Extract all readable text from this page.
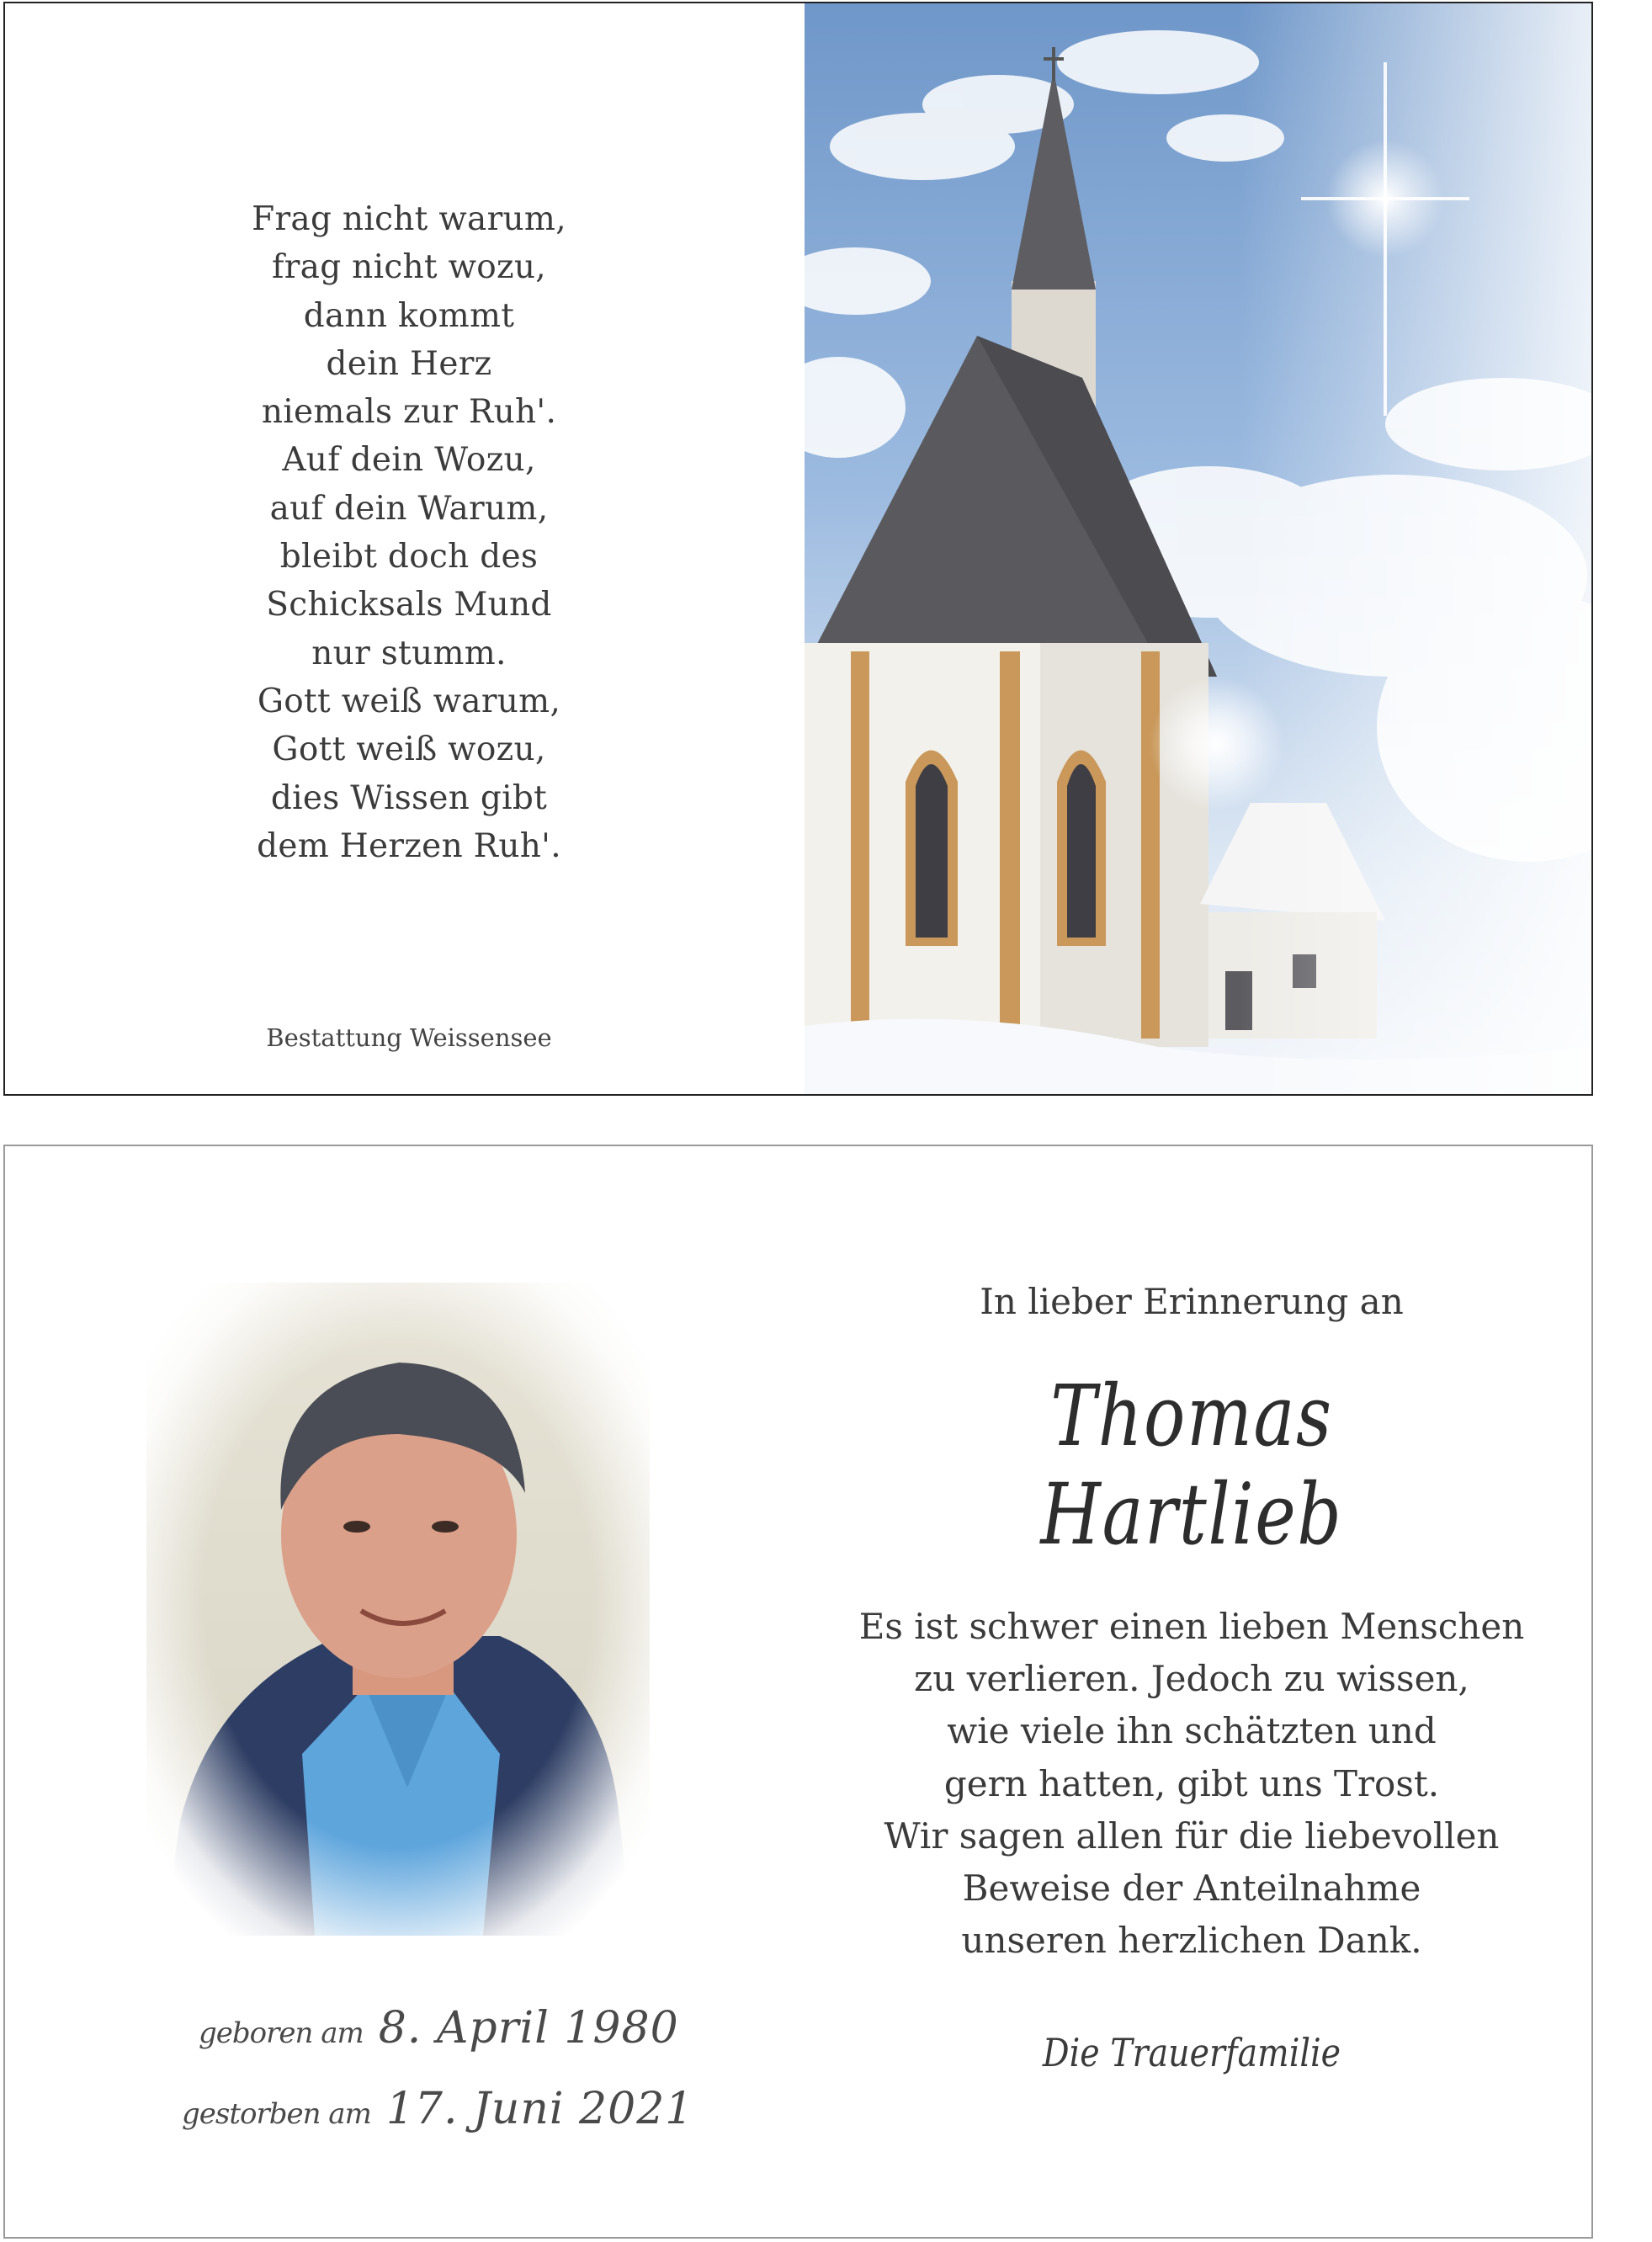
Frag nicht warum,
frag nicht wozu,
dann kommt
dein Herz
niemals zur Ruh'.
Auf dein Wozu,
auf dein Warum,
bleibt doch des
Schicksals Mund
nur stumm.
Gott weiß warum,
Gott weiß wozu,
dies Wissen gibt
dem Herzen Ruh'.
Bestattung Weissensee
geboren am 8. April 1980
gestorben am 17. Juni 2021
In lieber Erinnerung an
Thomas Hartlieb
Es ist schwer einen lieben Menschen
zu verlieren. Jedoch zu wissen,
wie viele ihn schätzten und
gern hatten, gibt uns Trost.
Wir sagen allen für die liebevollen
Beweise der Anteilnahme
unseren herzlichen Dank.
Die Trauerfamilie
